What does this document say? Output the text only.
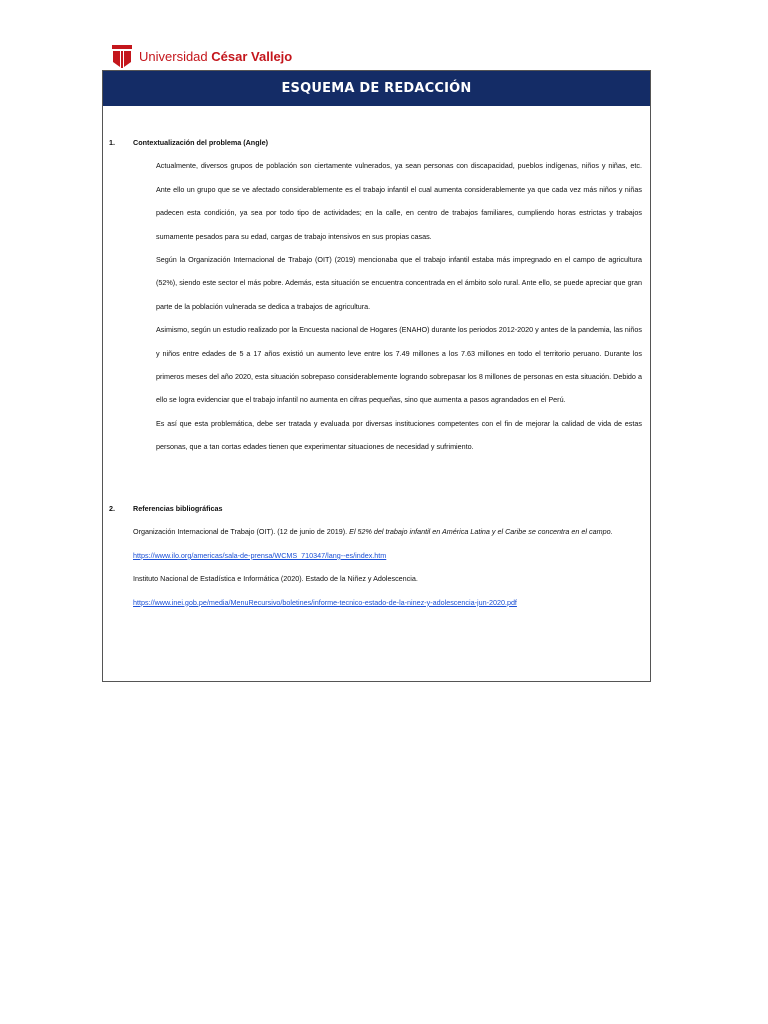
Universidad César Vallejo
ESQUEMA DE REDACCIÓN
1.	Contextualización del problema (Angle)

Actualmente, diversos grupos de población son ciertamente vulnerados, ya sean personas con discapacidad, pueblos indígenas, niños y niñas, etc. Ante ello un grupo que se ve afectado considerablemente es el trabajo infantil el cual aumenta considerablemente ya que cada vez más niños y niñas padecen esta condición, ya sea por todo tipo de actividades; en la calle, en centro de trabajos familiares, cumpliendo horas estrictas y trabajos sumamente pesados para su edad, cargas de trabajo intensivos en sus propias casas.

Según la Organización Internacional de Trabajo (OIT) (2019) mencionaba que el trabajo infantil estaba más impregnado en el campo de agricultura (52%), siendo este sector el más pobre. Además, esta situación se encuentra concentrada en el ámbito solo rural. Ante ello, se puede apreciar que gran parte de la población vulnerada se dedica a trabajos de agricultura.

Asimismo, según un estudio realizado por la Encuesta nacional de Hogares (ENAHO) durante los periodos 2012-2020 y antes de la pandemia, las niños y niños entre edades de 5 a 17 años existió un aumento leve entre los 7.49 millones a los 7.63 millones en todo el territorio peruano. Durante los primeros meses del año 2020, esta situación sobrepaso considerablemente logrando sobrepasar los 8 millones de personas en esta situación. Debido a ello se logra evidenciar que el trabajo infantil no aumenta en cifras pequeñas, sino que aumenta a pasos agrandados en el Perú.

Es así que esta problemática, debe ser tratada y evaluada por diversas instituciones competentes con el fin de mejorar la calidad de vida de estas personas, que a tan cortas edades tienen que experimentar situaciones de necesidad y sufrimiento.

2.	Referencias bibliográficas

Organización Internacional de Trabajo (OIT). (12 de junio de 2019). El 52% del trabajo infantil en América Latina y el Caribe se concentra en el campo.

https://www.ilo.org/americas/sala-de-prensa/WCMS_710347/lang--es/index.htm

Instituto Nacional de Estadística e Informática (2020). Estado de la Niñez y Adolescencia.

https://www.inei.gob.pe/media/MenuRecursivo/boletines/informe-tecnico-estado-de-la-ninez-y-adolescencia-jun-2020.pdf
